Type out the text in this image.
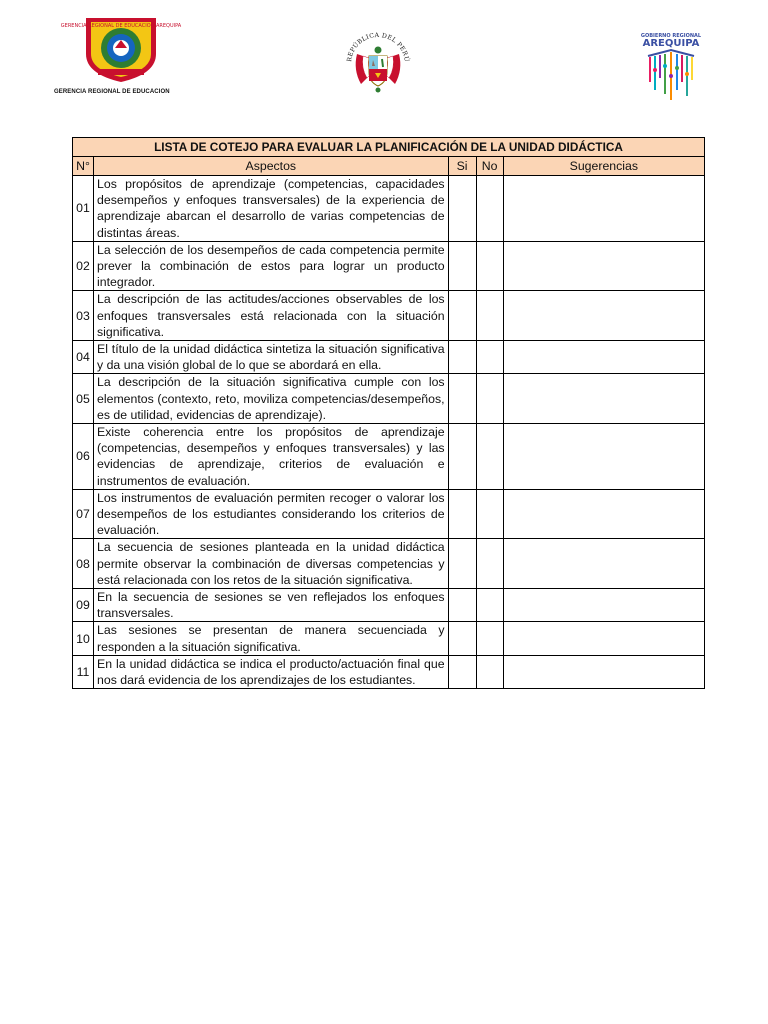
GERENCIA REGIONAL DE EDUCACION AREQUIPA
GERENCIA REGIONAL DE EDUCACION
REPÚBLICA DEL PERÚ
GOBIERNO REGIONAL
AREQUIPA
LISTA DE COTEJO PARA EVALUAR LA PLANIFICACIÓN DE LA UNIDAD DIDÁCTICA				
N°	Aspectos	Si	No	Sugerencias
01	Los propósitos de aprendizaje (competencias, capacidades desempeños y enfoques transversales) de la experiencia de aprendizaje abarcan el desarrollo de varias competencias de distintas áreas.			
02	La selección de los desempeños de cada competencia permite prever la combinación de estos para lograr un producto integrador.			
03	La descripción de las actitudes/acciones observables de los enfoques transversales está relacionada con la situación significativa.			
04	El título de la unidad didáctica sintetiza la situación significativa y da una visión global de lo que se abordará en ella.			
05	La descripción de la situación significativa cumple con los elementos (contexto, reto, moviliza competencias/desempeños, es de utilidad, evidencias de aprendizaje).			
06	Existe coherencia entre los propósitos de aprendizaje (competencias, desempeños y enfoques transversales) y las evidencias de aprendizaje, criterios de evaluación e instrumentos de evaluación.			
07	Los instrumentos de evaluación permiten recoger o valorar los desempeños de los estudiantes considerando los criterios de evaluación.			
08	La secuencia de sesiones planteada en la unidad didáctica permite observar la combinación de diversas competencias y está relacionada con los retos de la situación significativa.			
09	En la secuencia de sesiones se ven reflejados los enfoques transversales.			
10	Las sesiones se presentan de manera secuenciada y responden a la situación significativa.			
11	En la unidad didáctica se indica el producto/actuación final que nos dará evidencia de los aprendizajes de los estudiantes.			
